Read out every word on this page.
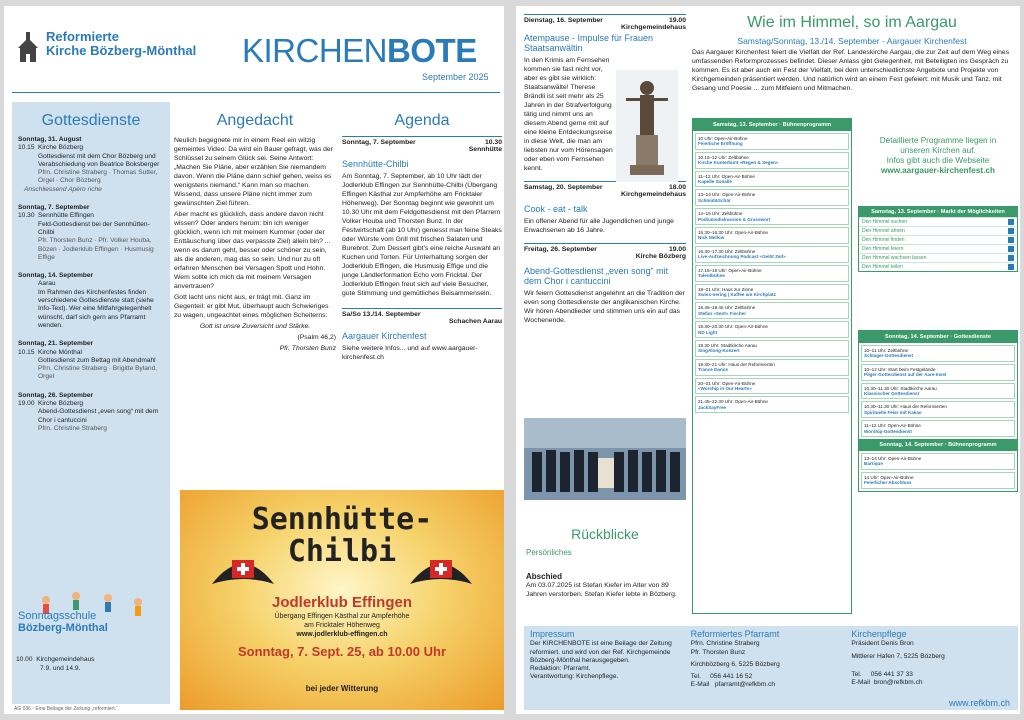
Reformierte
Kirche Bözberg-Mönthal KIRCHENBOTE
September 2025
Gottesdienste
Sonntag, 31. August
10.15 Kirche Bözberg
Gottesdienst mit dem Chor Bözberg und Verabschiedung von Beatrice Boksberger
Pfrn. Christine Straberg · Thomas Sutter, Orgel · Chor Bözberg
Anschliessend Apéro riche
Sonntag, 7. September
10.30 Sennhütte Effingen
Feld-Gottesdienst bei der Sennhütten-Chilbi
Pfr. Thorsten Bunz · Pfr. Volker Houba, Bözen · Jodlerklub Effingen · Husmusig Effige
Sonntag, 14. September
Aarau
Im Rahmen des Kirchenfestes finden verschiedene Gottesdienste statt (siehe Info-Text). Wer eine Mitfahrgelegenheit wünscht, darf sich gern ans Pfarramt wenden.
Sonntag, 21. September
10.15 Kirche Mönthal
Gottesdienst zum Bettag mit Abendmahl
Pfrn. Christine Straberg · Brigitte Byland, Orgel
Sonntag, 26. September
19.00 Kirche Bözberg
Abend-Gottesdienst „even song“ mit dem Chor i cantuccini
Pfrn. Christine Straberg
Sonntagsschule
Bözberg-Mönthal
10.00 Kirchgemeindehaus
7.9. und 14.9.
Angedacht

Neulich begegnete mir in einem Reel ein witzig gemeintes Video: Da wird ein Bauer gefragt, was der Schlüssel zu seinem Glück sei. Seine Antwort: „Machen Sie Pläne, aber erzählen Sie niemandem davon. Wenn die Pläne dann schief gehen, weiss es wenigstens niemand.“ Kann man so machen. Wissend, dass unsere Pläne nicht immer zum gewünschten Ziel führen.

Aber macht es glücklich, dass andere davon nicht wissen? Oder anders herum: bin ich weniger glücklich, wenn ich mit meinem Kummer (oder der Enttäuschung über das verpasste Ziel) allein bin? ... wenn es darum geht, besser oder schöner zu sein, als die anderen, mag das so sein. Und nur zu oft erfahren Menschen bei Versagen Spott und Hohn. Wem sollte ich mich da mit meinem Versagen anvertrauen?

Gott lacht uns nicht aus, er trägt mit. Ganz im Gegenteil: er gibt Mut, überhaupt auch Schwieriges zu wagen, ungeachtet eines möglichen Scheiterns:

Gott ist unsre Zuversicht und Stärke.

(Psalm 46,2)

Pfr. Thorsten Bunz

Agenda
Sonntag, 7. September	10.30
Sennhütte
Sennhütte-Chilbi
Am Sonntag, 7. September, ab 10 Uhr lädt der Jodlerklub Effingen zur Sennhütte-Chilbi (Übergang Effingen Kästhal zur Ampferhöhe am Fricktaler Höhenweg). Der Sonntag beginnt wie gewohnt um 10.30 Uhr mit dem Feldgottesdienst mit den Pfarrern Volker Houba und Thorsten Bunz. In der Festwirtschaft (ab 10 Uhr) geniesst man feine Steaks oder Würste vom Grill mit frischen Salaten und Burebrot. Zum Dessert gibt's eine reiche Auswahl an Kuchen und Torten. Für Unterhaltung sorgen der Jodlerklub Effingen, die Husmusig Effige und die junge Ländlerformation Echo vom Fricktal. Der Jodlerklub Effingen freut sich auf viele Besucher, gute Stimmung und gemütliches Beisammensein.
Sa/So 13./14. September
Schachen Aarau
Aargauer Kirchenfest
Siehe weitere Infos... und auf www.aargauer-kirchenfest.ch
Sennhütte-
Chilbi
Jodlerklub Effingen
Übergang Effingen Kästhal zur Ampferhöhe
am Fricktaler Höhenweg
www.jodlerklub-effingen.ch
Sonntag, 7. Sept. 25, ab 10.00 Uhr
bei jeder Witterung
AG 036 · Eine Beilage der Zeitung „reformiert.“
Dienstag, 16. September	19.00
Kirchgemeindehaus
Atempause - Impulse für Frauen Staatsanwältin
In den Krimis am Fernsehen kommen sie fast nicht vor, aber es gibt sie wirklich: Staatsanwälte! Therese Brändli ist seit mehr als 25 Jahren in der Strafverfolgung tätig und nimmt uns an diesem Abend gerne mit auf eine kleine Entdeckungsreise in diese Welt, die man am liebsten nur vom Hörensagen oder eben vom Fernsehen kennt.
Samstag, 20. September	18.00
Kirchgemeindehaus
Cook - eat - talk
Ein offener Abend für alle Jugendlichen und junge Erwachsenen ab 16 Jahre.
Freitag, 26. September	19.00
Kirche Bözberg
Abend-Gottesdienst „even song“ mit dem Chor i cantuccini
Wir feiern Gottesdienst angelehnt an die Tradition der even song Gottesdienste der anglikanischen Kirche. Wir hören Abendlieder und stimmen uns ein auf das Wochenende.
Rückblicke
Persönliches
Abschied
Am 03.07.2025 ist Stefan Kiefer im Alter von 89 Jahren verstorben. Stefan Kiefer lebte in Bözberg.
Wie im Himmel, so im Aargau
Samstag/Sonntag, 13./14. September - Aargauer Kirchenfest

Das Aargauer Kirchenfest feiert die Vielfalt der Ref. Landeskirche Aargau, die zur Zeit auf dem Weg eines umfassenden Reformprozesses befindet. Dieser Anlass gibt Gelegenheit, mit Beteiligten ins Gespräch zu kommen. Es ist aber auch ein Fest der Vielfalt, bei dem unterschiedlichste Angebote und Projekte von Kirchgemeinden präsentiert werden. Und natürlich wird an einem Fest gefeiert: mit Musik und Tanz, mit Gesang und Poesie ... zum Mitfeiern und Mitmachen.

Samstag, 13. September · Bühnenprogramm
10 Uhr: Open-Air-Bühne
Feierliche Eröffnung
10.15–12 Uhr: Zeltbühne
Kirche Kunterbunt «Regen & Segen»
11–12 Uhr: Open-Air-Bühne
Kapelle Sonalle
13–14 Uhr: Open-Air-Bühne
Schmid&Schär
14–15 Uhr: Zeltbühne
Podiumsdiskussion & Grusswort
15.30–16.30 Uhr: Open-Air-Bühne
Nick Mellow
16.30–17.30 Uhr: Zeltbühne
Live-Aufzeichnung Podcast «Gelöt Zeit»
17.15–19 Uhr: Open-Air-Bühne
Talentbühne
18–21 Uhr: Haus zur Zinne
Swiss-nering | Kaffee am Kirchplatz
18.45–19.45 Uhr: Zeltbühne
Stefan «Sent» Fischer
19.30–20.30 Uhr: Open-Air-Bühne
ND Light
19.30 Uhr: Stadtkirche Aarau
SingAlong-Konzert
19.30–21 Uhr: Haus der Reformierten
Trance Dance
20–21 Uhr: Open-Air-Bühne
«Worship in Our Hearts»
21.45–22.30 Uhr: Open-Air-Bühne
JackSayFree
Detaillierte Programme liegen in
unseren Kirchen auf.
Infos gibt auch die Webseite
www.aargauer-kirchenfest.ch
Samstag, 13. September · Markt der Möglichkeiten
Den Himmel suchen
Den Himmel ahnen
Den Himmel finden
Den Himmel feiern
Den Himmel wachsen lassen
Den Himmel teilen
Sonntag, 14. September · Gottesdienste
10–11 Uhr: Zeltbühne
Schlager-Gottesdienst
10–12 Uhr: Start beim Festgelände
Pilger-Gottesdienst auf der Aare-Insel
10.30–11.30 Uhr: Stadtkirche Aarau
Klassischer Gottesdienst
10.30–11.30 Uhr: Haus der Reformierten
Spirituelle Feier mit Kakao
11–12 Uhr: Open-Air-Bühne
Worship-Gottesdienst
Sonntag, 14. September · Bühnenprogramm
13–14 Uhr: Open-Air-Bühne
Barrique
14 Uhr: Open-Air-Bühne
Feierlicher Abschluss
Impressum
Der KIRCHENBOTE ist eine Beilage der Zeitung reformiert. und wird von der Ref. Kirchgemeinde Bözberg-Mönthal herausgegeben.
Redaktion: Pfarramt.
Verantwortung: Kirchenpflege.
Reformiertes Pfarramt
Pfrn. Christine Straberg
Pfr. Thorsten Bunz
Kirchbözberg 6, 5225 Bözberg
Tel.     056 441 16 52
E-Mail   pfarramt@refkbm.ch
Kirchenpflege
Präsident Denis Bron
Mittlerer Hafen 7, 5225 Bözberg
Tel.     056 441 37 33
E-Mail  bron@refkbm.ch
www.refkbm.ch
